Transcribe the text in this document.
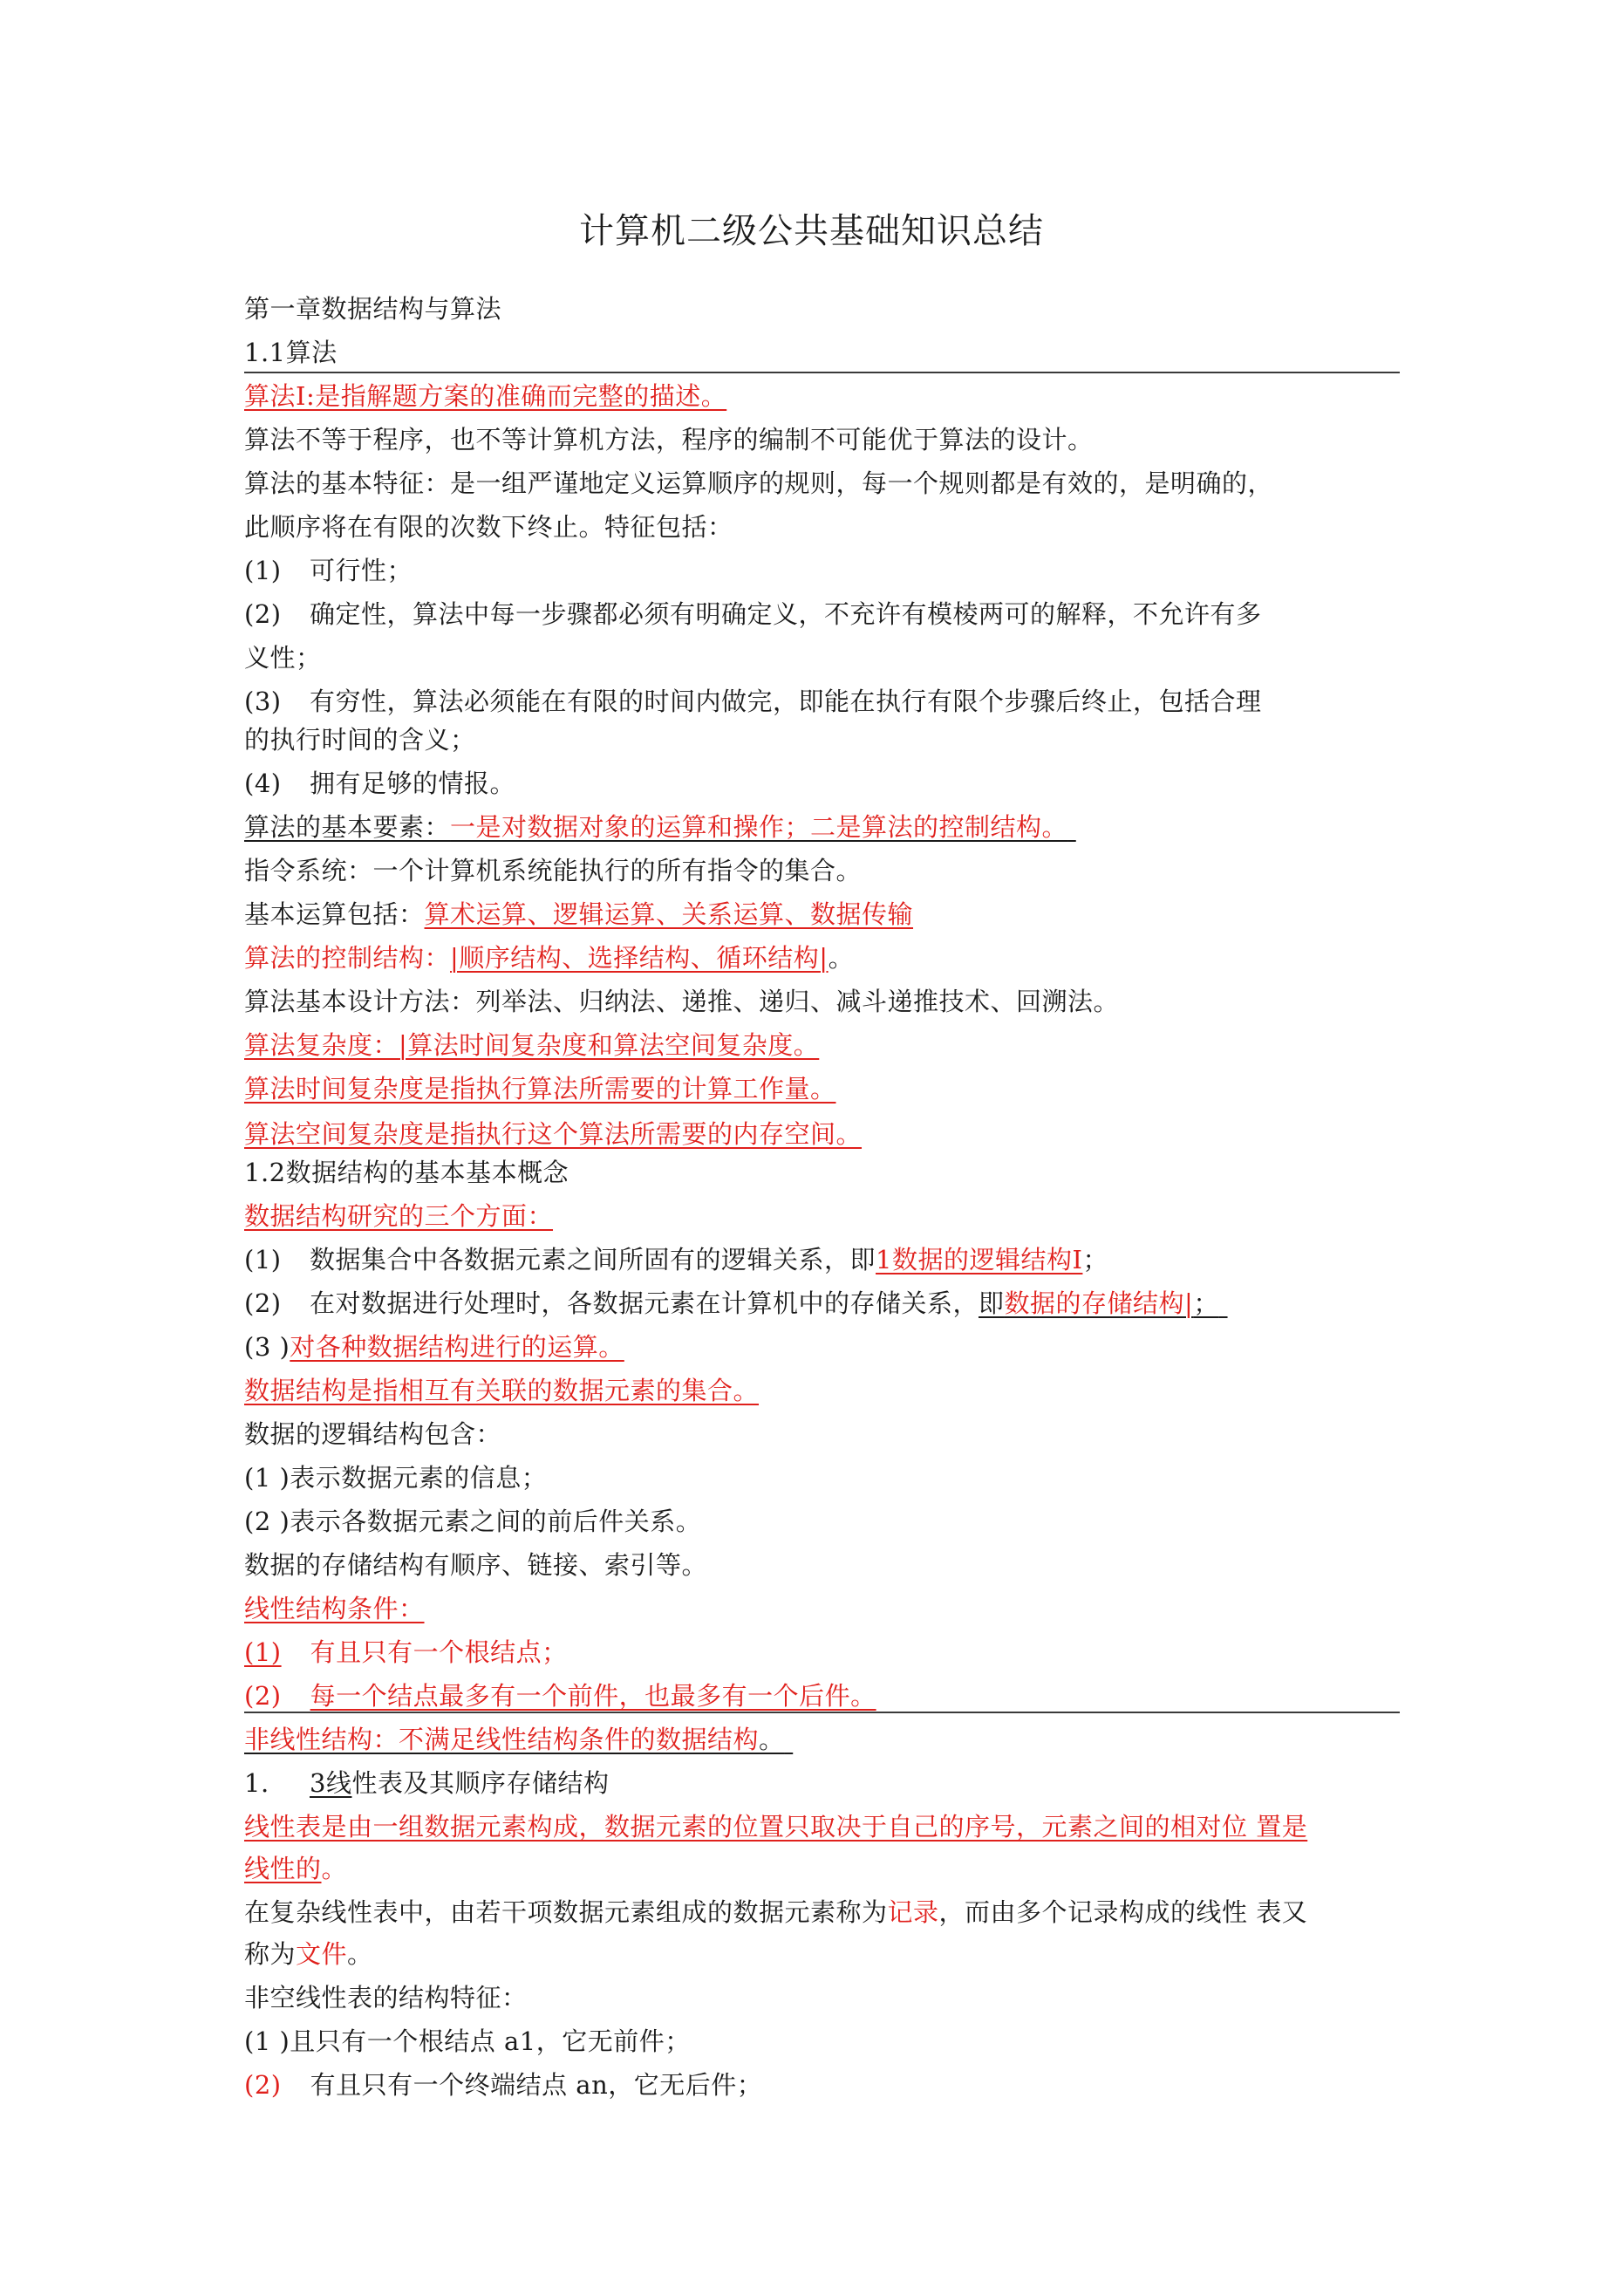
计算机二级公共基础知识总结
第一章数据结构与算法
1.1算法
算法I:是指解题方案的准确而完整的描述。
算法不等于程序，也不等计算机方法，程序的编制不可能优于算法的设计。
算法的基本特征：是一组严谨地定义运算顺序的规则，每一个规则都是有效的，是明确的，
此顺序将在有限的次数下终止。特征包括：
(1) 可行性；
(2) 确定性，算法中每一步骤都必须有明确定义，不充许有模棱两可的解释，不允许有多
义性；
(3) 有穷性，算法必须能在有限的时间内做完，即能在执行有限个步骤后终止，包括合理
的执行时间的含义；
(4) 拥有足够的情报。
算法的基本要素：一是对数据对象的运算和操作；二是算法的控制结构。
指令系统：一个计算机系统能执行的所有指令的集合。
基本运算包括：算术运算、逻辑运算、关系运算、数据传输
算法的控制结构：|顺序结构、选择结构、循环结构|。
算法基本设计方法：列举法、归纳法、递推、递归、减斗递推技术、回溯法。
算法复杂度：|算法时间复杂度和算法空间复杂度。
算法时间复杂度是指执行算法所需要的计算工作量。
算法空间复杂度是指执行这个算法所需要的内存空间。
1.2数据结构的基本基本概念
数据结构研究的三个方面：
(1) 数据集合中各数据元素之间所固有的逻辑关系，即1数据的逻辑结构I；
(2) 在对数据进行处理时，各数据元素在计算机中的存储关系，即数据的存储结构|；
(3 )对各种数据结构进行的运算。
数据结构是指相互有关联的数据元素的集合。
数据的逻辑结构包含：
(1 )表示数据元素的信息；
(2 )表示各数据元素之间的前后件关系。
数据的存储结构有顺序、链接、索引等。
线性结构条件：
(1) 有且只有一个根结点；
(2) 每一个结点最多有一个前件，也最多有一个后件。
非线性结构：不满足线性结构条件的数据结构。
1. 3线性表及其顺序存储结构
线性表是由一组数据元素构成，数据元素的位置只取决于自己的序号，元素之间的相对位 置是
线性的。
在复杂线性表中，由若干项数据元素组成的数据元素称为记录，而由多个记录构成的线性 表又
称为文件。
非空线性表的结构特征：
(1 )且只有一个根结点 a1，它无前件；
(2) 有且只有一个终端结点 an，它无后件；
